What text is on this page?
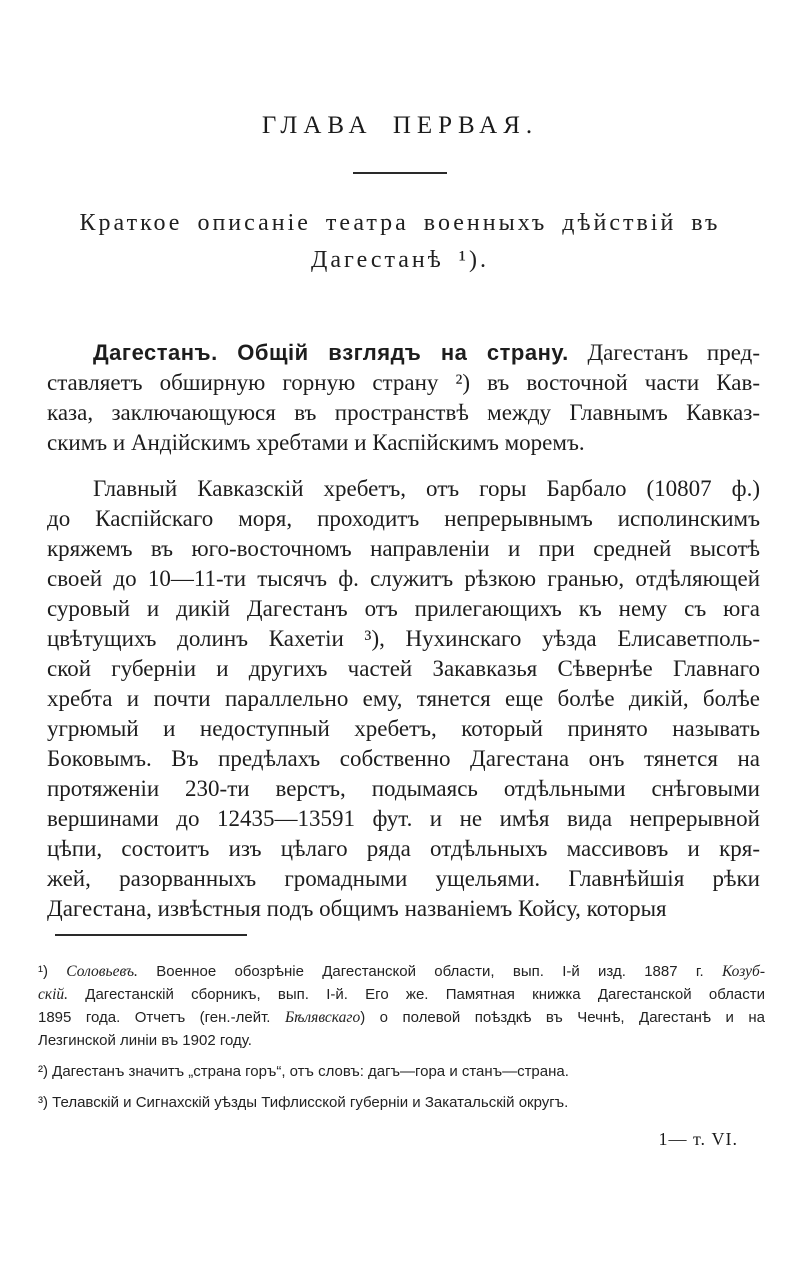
ГЛАВА ПЕРВАЯ.
Краткое описаніе театра военныхъ дѣйствій въ
Дагестанѣ ¹).
Дагестанъ. Общій взглядъ на страну. Дагестанъ пред-
ставляетъ обширную горную страну ²) въ восточной части Кав-
каза, заключающуюся въ пространствѣ между Главнымъ Кавказ-
скимъ и Андійскимъ хребтами и Каспійскимъ моремъ.
Главный Кавказскій хребетъ, отъ горы Барбало (10807 ф.)
до Каспійскаго моря, проходитъ непрерывнымъ исполинскимъ
кряжемъ въ юго-восточномъ направленіи и при средней высотѣ
своей до 10—11-ти тысячъ ф. служитъ рѣзкою гранью, отдѣляющей
суровый и дикій Дагестанъ отъ прилегающихъ къ нему съ юга
цвѣтущихъ долинъ Кахетіи ³), Нухинскаго уѣзда Елисаветполь-
ской губерніи и другихъ частей Закавказья Сѣвернѣе Главнаго
хребта и почти параллельно ему, тянется еще болѣе дикій, болѣе
угрюмый и недоступный хребетъ, который принято называть
Боковымъ. Въ предѣлахъ собственно Дагестана онъ тянется на
протяженіи 230-ти верстъ, подымаясь отдѣльными снѣговыми
вершинами до 12435—13591 фут. и не имѣя вида непрерывной
цѣпи, состоитъ изъ цѣлаго ряда отдѣльныхъ массивовъ и кря-
жей, разорванныхъ громадными ущельями. Главнѣйшія рѣки
Дагестана, извѣстныя подъ общимъ названіемъ Койсу, которыя
¹) Соловьевъ. Военное обозрѣніе Дагестанской области, вып. I-й изд. 1887 г. Козуб-
скій. Дагестанскій сборникъ, вып. I-й. Его же. Памятная книжка Дагестанской области
1895 года. Отчетъ (ген.-лейт. Бѣлявскаго) о полевой поѣздкѣ въ Чечнѣ, Дагестанѣ и на
Лезгинской линіи въ 1902 году.
²) Дагестанъ значитъ „страна горъ“, отъ словъ: дагъ—гора и станъ—страна.
³) Телавскій и Сигнахскій уѣзды Тифлисской губерніи и Закатальскій округъ.
1— т. VI.
